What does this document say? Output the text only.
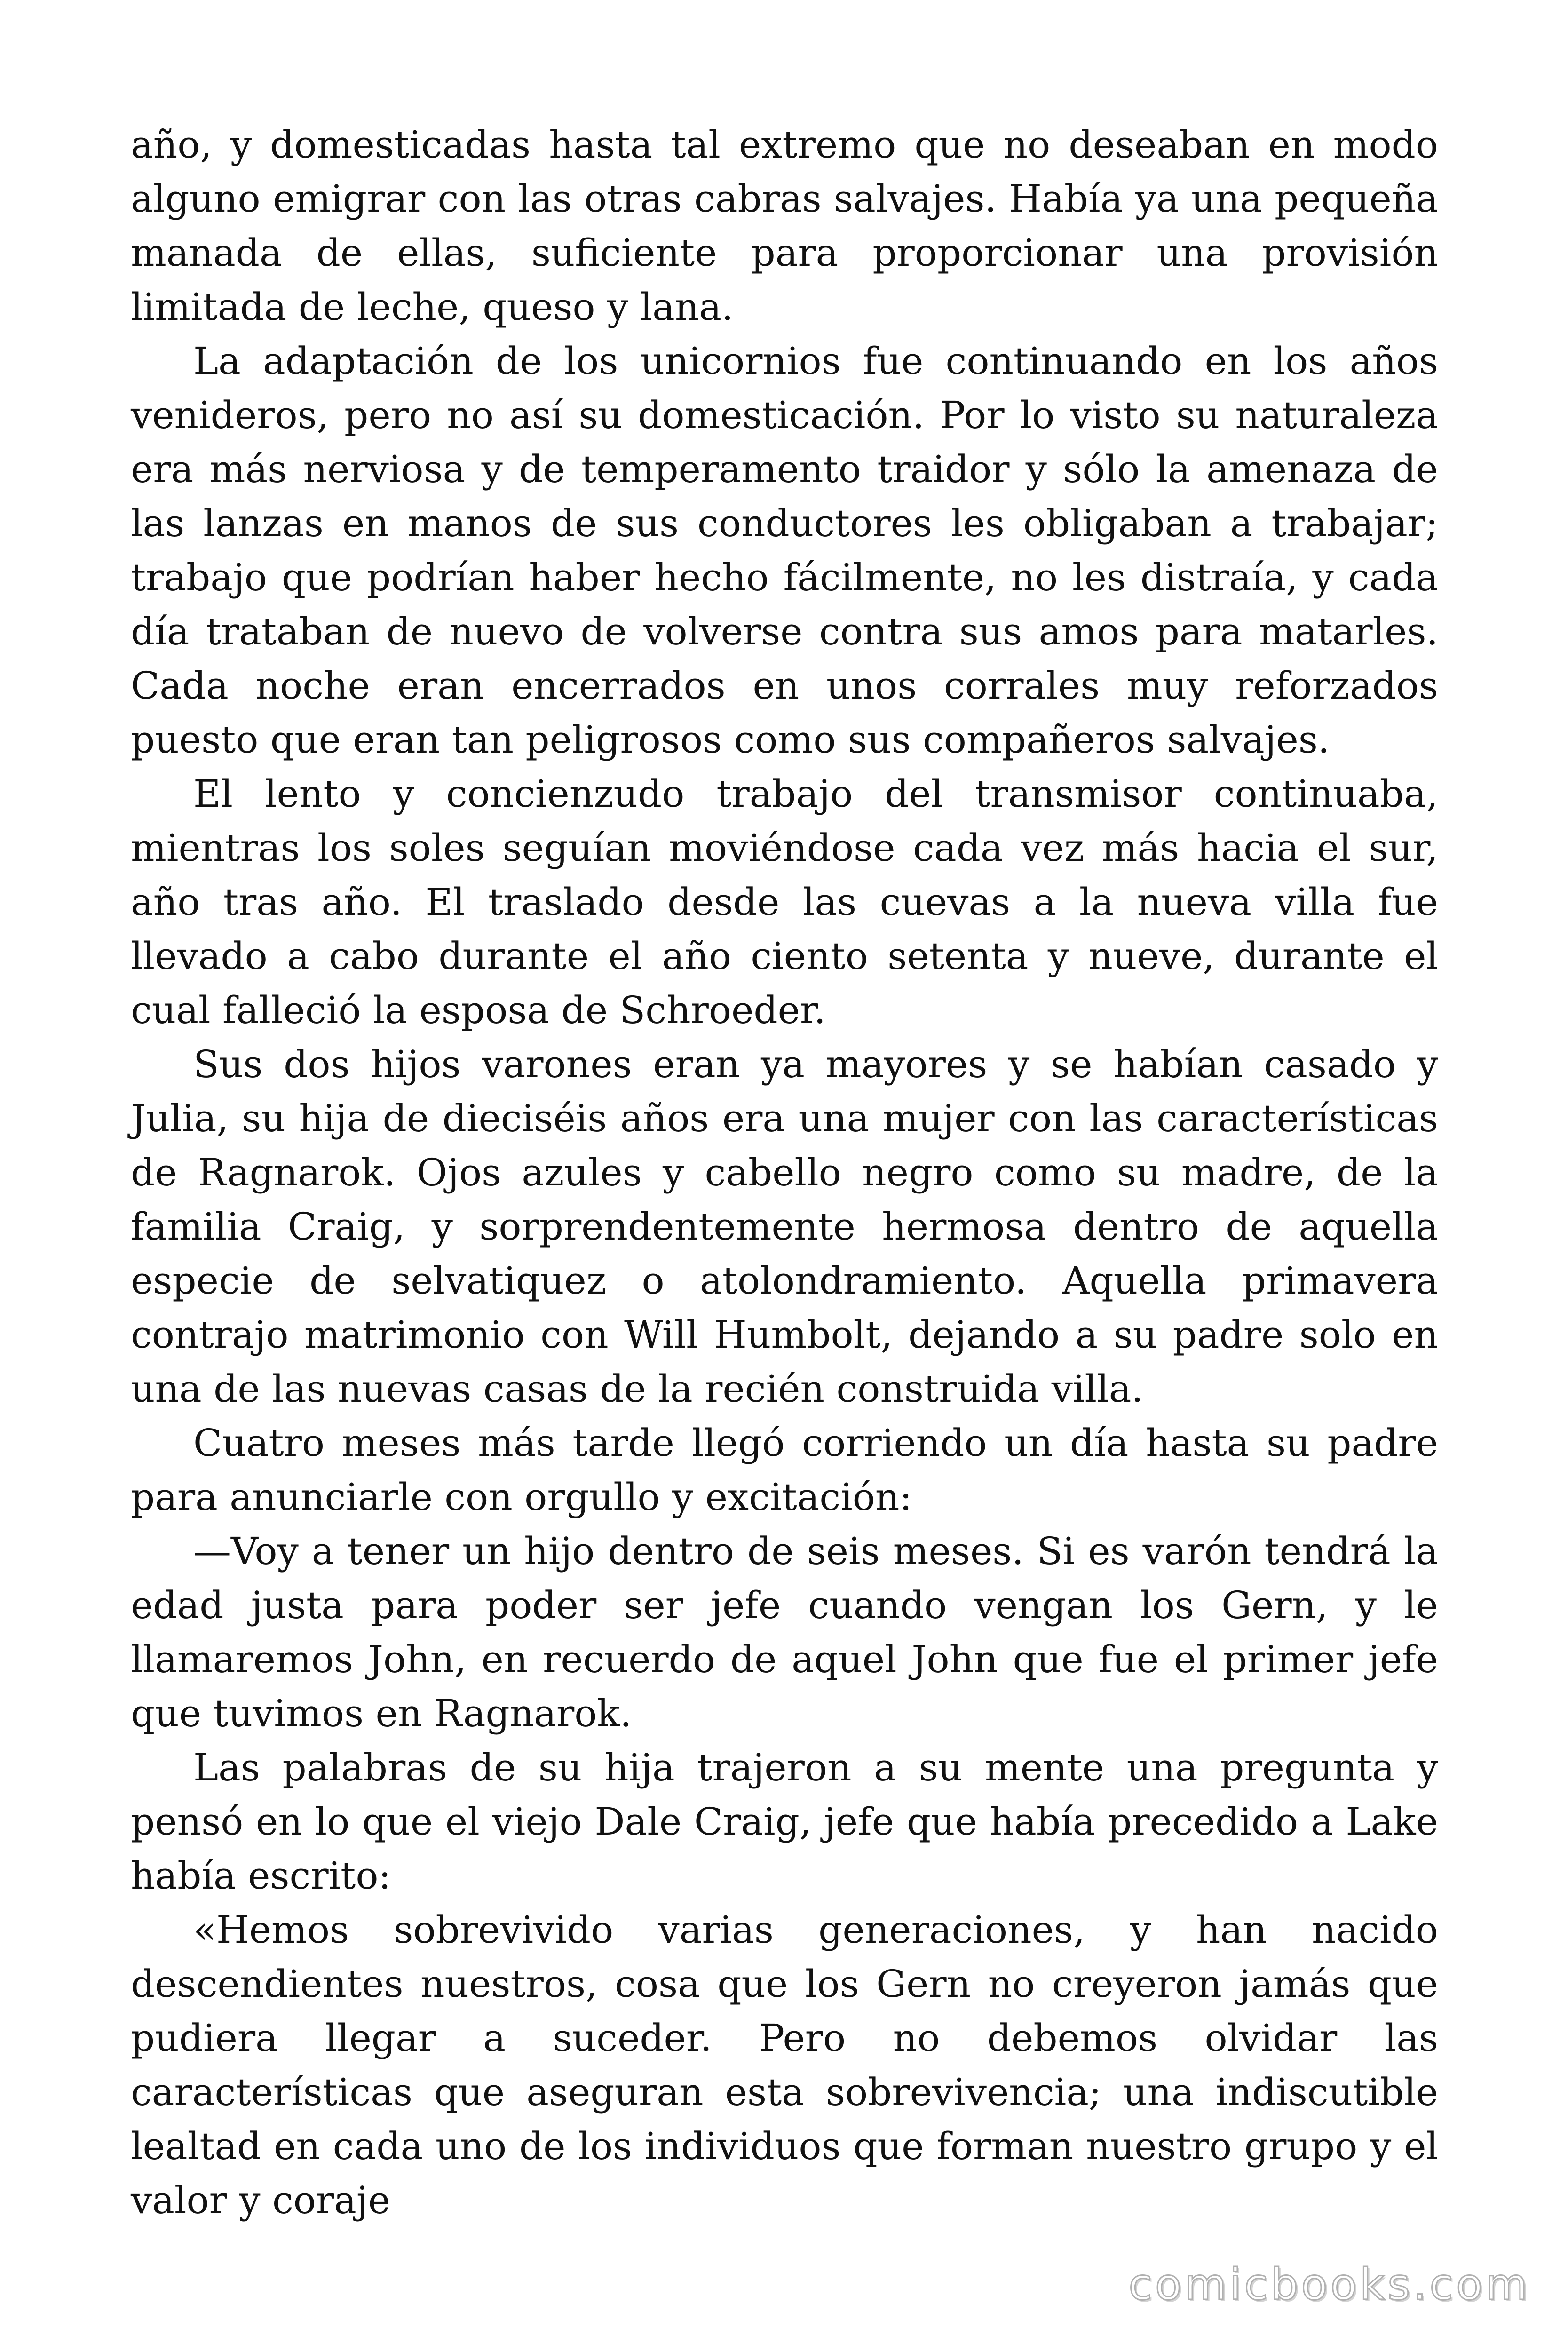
año, y domesticadas hasta tal extremo que no deseaban en modo alguno emigrar con las otras cabras salvajes. Había ya una pequeña manada de ellas, suficiente para proporcionar una provisión limitada de leche, queso y lana.

La adaptación de los unicornios fue continuando en los años venideros, pero no así su domesticación. Por lo visto su naturaleza era más nerviosa y de temperamento traidor y sólo la amenaza de las lanzas en manos de sus conductores les obligaban a trabajar; trabajo que podrían haber hecho fácilmente, no les distraía, y cada día trataban de nuevo de volverse contra sus amos para matarles. Cada noche eran encerrados en unos corrales muy reforzados puesto que eran tan peligrosos como sus compañeros salvajes.

El lento y concienzudo trabajo del transmisor continuaba, mientras los soles seguían moviéndose cada vez más hacia el sur, año tras año. El traslado desde las cuevas a la nueva villa fue llevado a cabo durante el año ciento setenta y nueve, durante el cual falleció la esposa de Schroeder.

Sus dos hijos varones eran ya mayores y se habían casado y Julia, su hija de dieciséis años era una mujer con las características de Ragnarok. Ojos azules y cabello negro como su madre, de la familia Craig, y sorprendentemente hermosa dentro de aquella especie de selvatiquez o atolondramiento. Aquella primavera contrajo matrimonio con Will Humbolt, dejando a su padre solo en una de las nuevas casas de la recién construida villa.

Cuatro meses más tarde llegó corriendo un día hasta su padre para anunciarle con orgullo y excitación:

—Voy a tener un hijo dentro de seis meses. Si es varón tendrá la edad justa para poder ser jefe cuando vengan los Gern, y le llamaremos John, en recuerdo de aquel John que fue el primer jefe que tuvimos en Ragnarok.

Las palabras de su hija trajeron a su mente una pregunta y pensó en lo que el viejo Dale Craig, jefe que había precedido a Lake había escrito:

«Hemos sobrevivido varias generaciones, y han nacido descendientes nuestros, cosa que los Gern no creyeron jamás que pudiera llegar a suceder. Pero no debemos olvidar las características que aseguran esta sobrevivencia; una indiscutible lealtad en cada uno de los individuos que forman nuestro grupo y el valor y coraje

comicbooks.com
